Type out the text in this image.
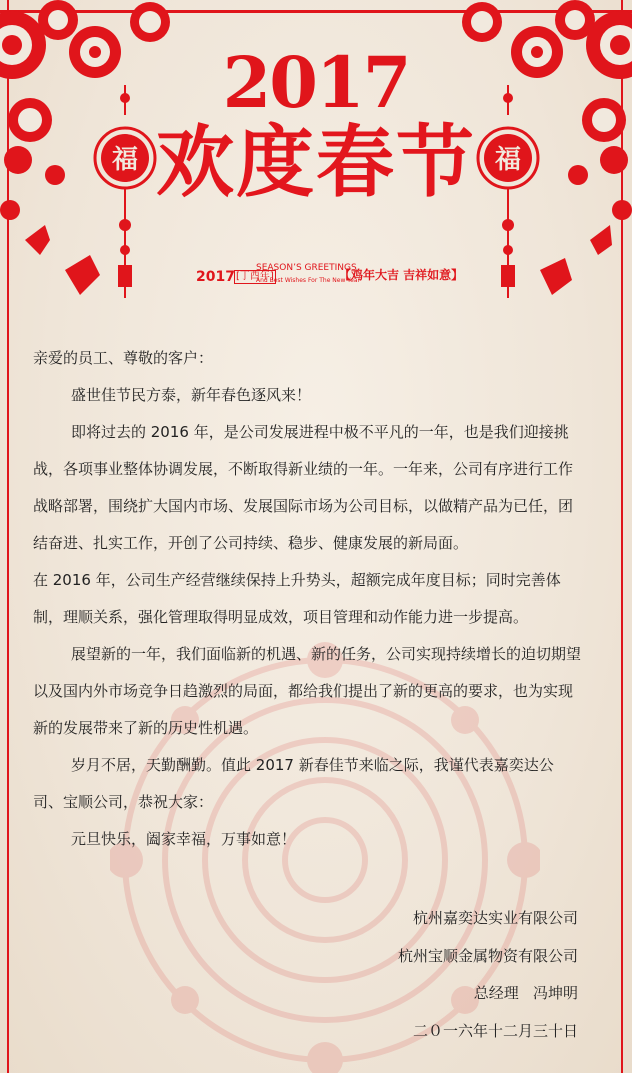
福	福
2017
欢度春节
2017 [丁酉年]
SEASON’S GREETINGS
And Best Wishes For The New Year
【鸡年大吉 吉祥如意】

亲爱的员工、尊敬的客户：

盛世佳节民方泰，新年春色逐风来！

即将过去的 2016 年，是公司发展进程中极不平凡的一年，也是我们迎接挑战，各项事业整体协调发展，不断取得新业绩的一年。一年来，公司有序进行工作战略部署，围绕扩大国内市场、发展国际市场为公司目标，以做精产品为已任，团结奋进、扎实工作，开创了公司持续、稳步、健康发展的新局面。

在 2016 年，公司生产经营继续保持上升势头，超额完成年度目标；同时完善体制，理顺关系，强化管理取得明显成效，项目管理和动作能力进一步提高。

展望新的一年，我们面临新的机遇、新的任务，公司实现持续增长的迫切期望以及国内外市场竞争日趋激烈的局面，都给我们提出了新的更高的要求，也为实现新的发展带来了新的历史性机遇。

岁月不居，天勤酬勤。值此 2017 新春佳节来临之际，我谨代表嘉奕达公司、宝顺公司，恭祝大家：

元旦快乐，阖家幸福，万事如意！

杭州嘉奕达实业有限公司

杭州宝顺金属物资有限公司

总经理   冯坤明

二０一六年十二月三十日
